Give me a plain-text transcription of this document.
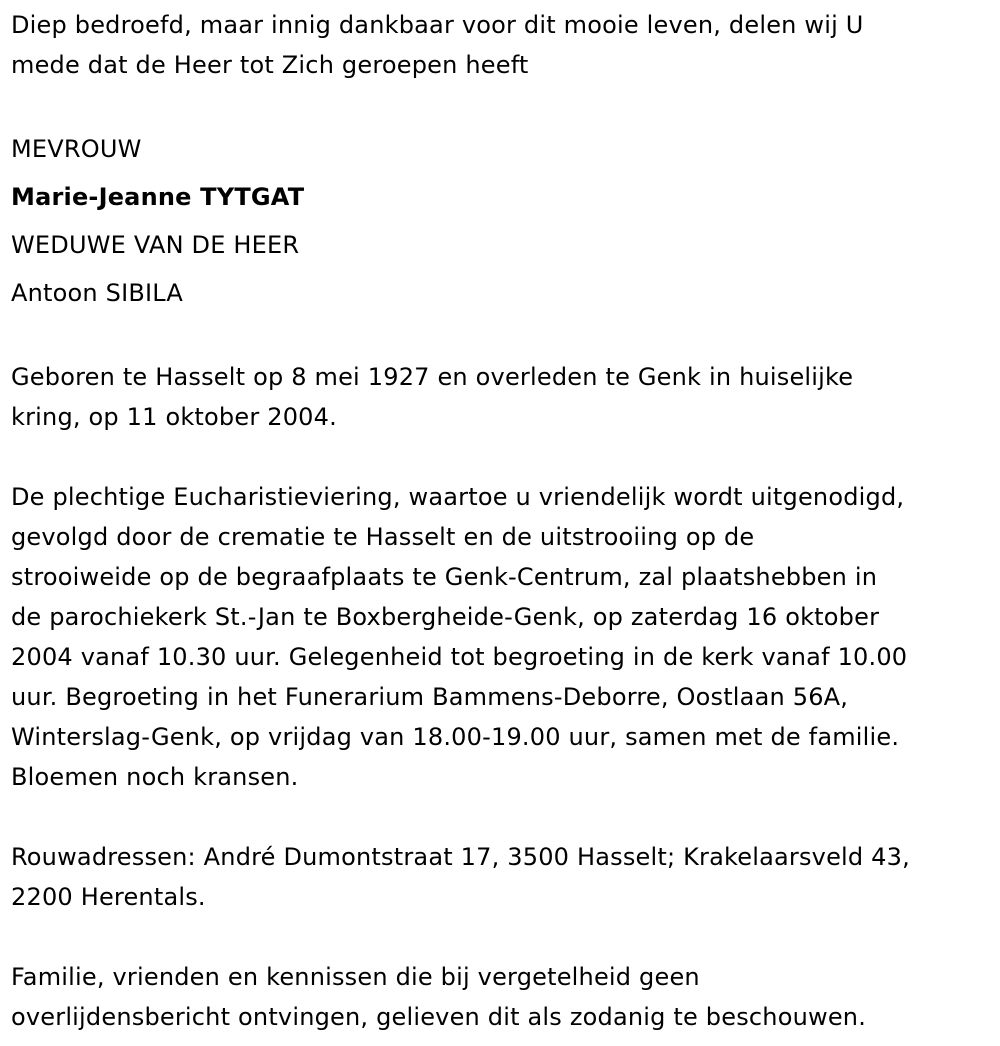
Diep bedroefd, maar innig dankbaar voor dit mooie leven, delen wij U
mede dat de Heer tot Zich geroepen heeft

MEVROUW
Marie-Jeanne TYTGAT
WEDUWE VAN DE HEER
Antoon SIBILA

Geboren te Hasselt op 8 mei 1927 en overleden te Genk in huiselijke
kring, op 11 oktober 2004.

De plechtige Eucharistieviering, waartoe u vriendelijk wordt uitgenodigd,
gevolgd door de crematie te Hasselt en de uitstrooiing op de
strooiweide op de begraafplaats te Genk-Centrum, zal plaatshebben in
de parochiekerk St.-Jan te Boxbergheide-Genk, op zaterdag 16 oktober
2004 vanaf 10.30 uur. Gelegenheid tot begroeting in de kerk vanaf 10.00
uur. Begroeting in het Funerarium Bammens-Deborre, Oostlaan 56A,
Winterslag-Genk, op vrijdag van 18.00-19.00 uur, samen met de familie.
Bloemen noch kransen.

Rouwadressen: André Dumontstraat 17, 3500 Hasselt; Krakelaarsveld 43,
2200 Herentals.

Familie, vrienden en kennissen die bij vergetelheid geen
overlijdensbericht ontvingen, gelieven dit als zodanig te beschouwen.
